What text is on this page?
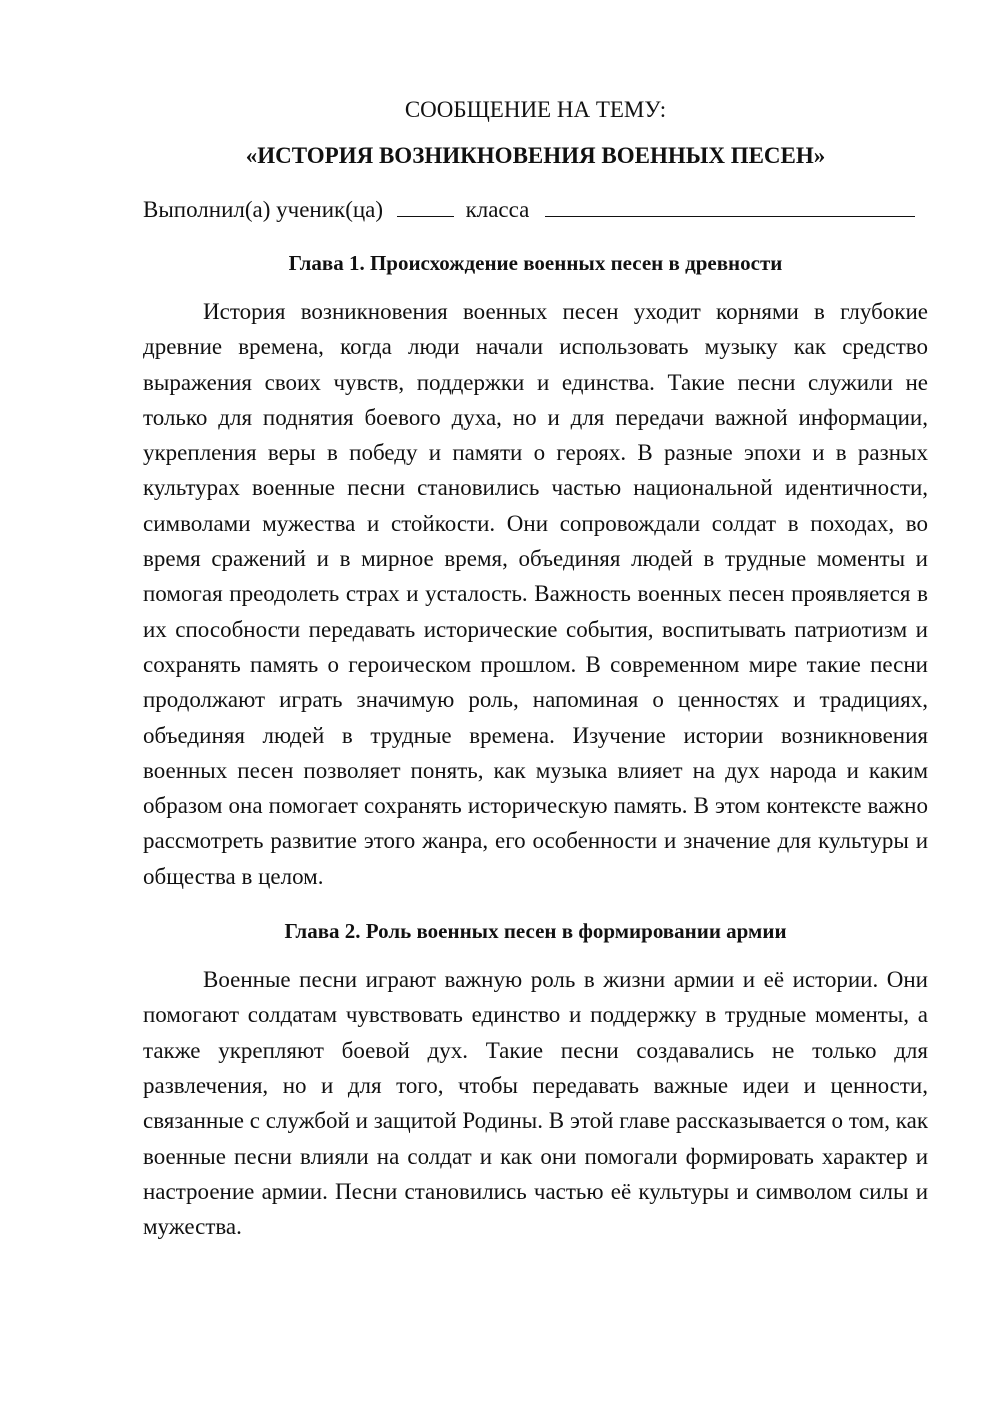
СООБЩЕНИЕ НА ТЕМУ:

«ИСТОРИЯ ВОЗНИКНОВЕНИЯ ВОЕННЫХ ПЕСЕН»

Выполнил(а) ученик(ца)	класса
Глава 1. Происхождение военных песен в древности

История возникновения военных песен уходит корнями в глубокие древние времена, когда люди начали использовать музыку как средство выражения своих чувств, поддержки и единства. Такие песни служили не только для поднятия боевого духа, но и для передачи важной информации, укрепления веры в победу и памяти о героях. В разные эпохи и в разных культурах военные песни становились частью национальной идентичности, символами мужества и стойкости. Они сопровождали солдат в походах, во время сражений и в мирное время, объединяя людей в трудные моменты и помогая преодолеть страх и усталость. Важность военных песен проявляется в их способности передавать исторические события, воспитывать патриотизм и сохранять память о героическом прошлом. В современном мире такие песни продолжают играть значимую роль, напоминая о ценностях и традициях, объединяя людей в трудные времена. Изучение истории возникновения военных песен позволяет понять, как музыка влияет на дух народа и каким образом она помогает сохранять историческую память. В этом контексте важно рассмотреть развитие этого жанра, его особенности и значение для культуры и общества в целом.

Глава 2. Роль военных песен в формировании армии

Военные песни играют важную роль в жизни армии и её истории. Они помогают солдатам чувствовать единство и поддержку в трудные моменты, а также укрепляют боевой дух. Такие песни создавались не только для развлечения, но и для того, чтобы передавать важные идеи и ценности, связанные с службой и защитой Родины. В этой главе рассказывается о том, как военные песни влияли на солдат и как они помогали формировать характер и настроение армии. Песни становились частью её культуры и символом силы и мужества.
